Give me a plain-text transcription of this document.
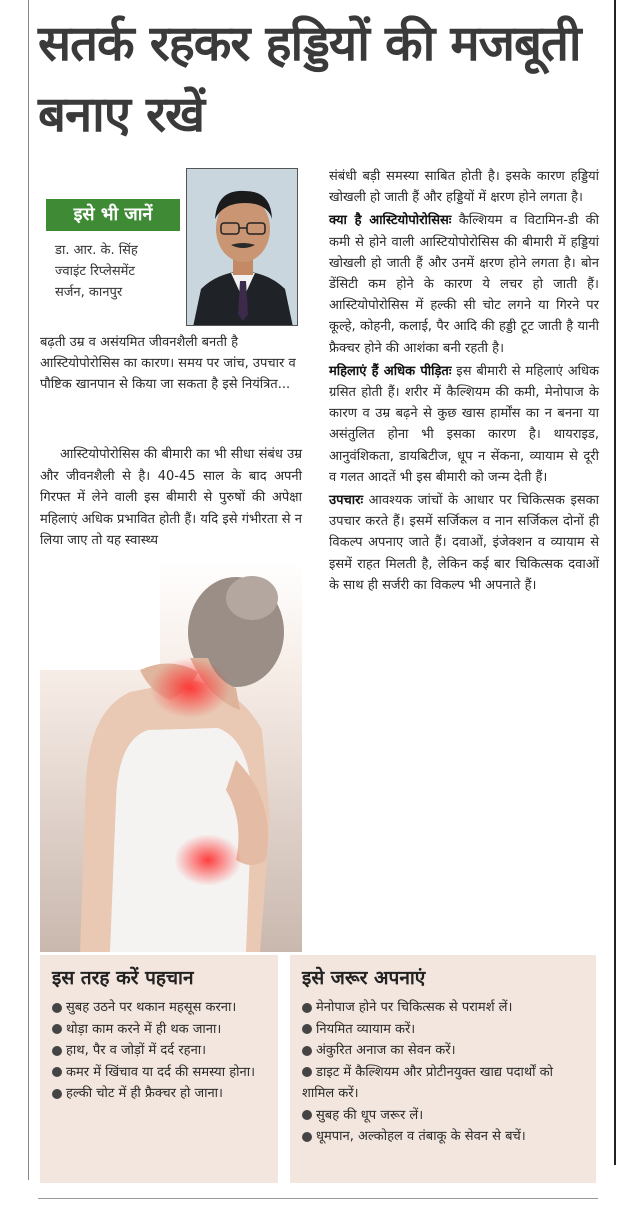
सतर्क रहकर हड्डियों की मजबूती बनाए रखें
इसे भी जानें
डा. आर. के. सिंह
ज्वाइंट रिप्लेसमेंट
सर्जन, कानपुर

बढ़ती उम्र व असंयमित जीवनशैली बनती है आस्टियोपोरोसिस का कारण। समय पर जांच, उपचार व पौष्टिक खानपान से किया जा सकता है इसे नियंत्रित...

आस्टियोपोरोसिस की बीमारी का भी सीधा संबंध उम्र और जीवनशैली से है। 40-45 साल के बाद अपनी गिरफ्त में लेने वाली इस बीमारी से पुरुषों की अपेक्षा महिलाएं अधिक प्रभावित होती हैं। यदि इसे गंभीरता से न लिया जाए तो यह स्वास्थ्य

संबंधी बड़ी समस्या साबित होती है। इसके कारण हड्डियां खोखली हो जाती हैं और हड्डियों में क्षरण होने लगता है।

क्या है आस्टियोपोरोसिसः कैल्शियम व विटामिन-डी की कमी से होने वाली आस्टियोपोरोसिस की बीमारी में हड्डियां खोखली हो जाती हैं और उनमें क्षरण होने लगता है। बोन डेंसिटी कम होने के कारण ये लचर हो जाती हैं। आस्टियोपोरोसिस में हल्की सी चोट लगने या गिरने पर कूल्हे, कोहनी, कलाई, पैर आदि की हड्डी टूट जाती है यानी फ्रैक्चर होने की आशंका बनी रहती है।

महिलाएं हैं अधिक पीड़ितः इस बीमारी से महिलाएं अधिक ग्रसित होती हैं। शरीर में कैल्शियम की कमी, मेनोपाज के कारण व उम्र बढ़ने से कुछ खास हार्मोंस का न बनना या असंतुलित होना भी इसका कारण है। थायराइड, आनुवंशिकता, डायबिटीज, धूप न सेंकना, व्यायाम से दूरी व गलत आदतें भी इस बीमारी को जन्म देती हैं।

उपचारः आवश्यक जांचों के आधार पर चिकित्सक इसका उपचार करते हैं। इसमें सर्जिकल व नान सर्जिकल दोनों ही विकल्प अपनाए जाते हैं। दवाओं, इंजेक्शन व व्यायाम से इसमें राहत मिलती है, लेकिन कई बार चिकित्सक दवाओं के साथ ही सर्जरी का विकल्प भी अपनाते हैं।

इस तरह करें पहचान
सुबह उठने पर थकान महसूस करना।
थोड़ा काम करने में ही थक जाना।
हाथ, पैर व जोड़ों में दर्द रहना।
कमर में खिंचाव या दर्द की समस्या होना।
हल्की चोट में ही फ्रैक्चर हो जाना।
इसे जरूर अपनाएं
मेनोपाज होने पर चिकित्सक से परामर्श लें।
नियमित व्यायाम करें।
अंकुरित अनाज का सेवन करें।
डाइट में कैल्शियम और प्रोटीनयुक्त खाद्य पदार्थों को शामिल करें।
सुबह की धूप जरूर लें।
धूमपान, अल्कोहल व तंबाकू के सेवन से बचें।
